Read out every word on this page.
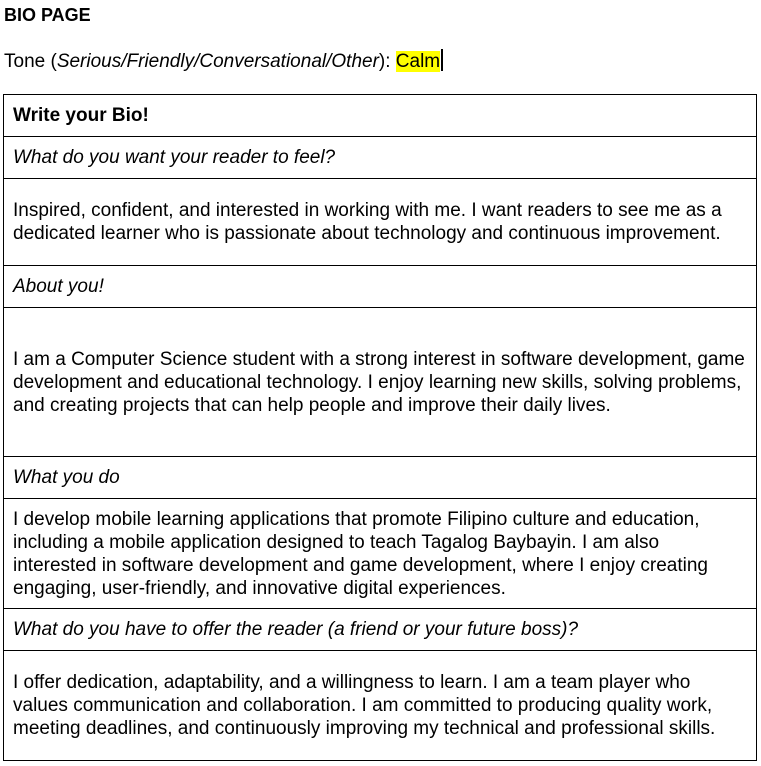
BIO PAGE
Tone (Serious/Friendly/Conversational/Other): Calm
Write your Bio!
What do you want your reader to feel?
Inspired, confident, and interested in working with me. I want readers to see me as a dedicated learner who is passionate about technology and continuous improvement.
About you!
I am a Computer Science student with a strong interest in software development, game development and educational technology. I enjoy learning new skills, solving problems, and creating projects that can help people and improve their daily lives.
What you do
I develop mobile learning applications that promote Filipino culture and education, including a mobile application designed to teach Tagalog Baybayin. I am also interested in software development and game development, where I enjoy creating engaging, user-friendly, and innovative digital experiences.
What do you have to offer the reader (a friend or your future boss)?
I offer dedication, adaptability, and a willingness to learn. I am a team player who values communication and collaboration. I am committed to producing quality work, meeting deadlines, and continuously improving my technical and professional skills.
